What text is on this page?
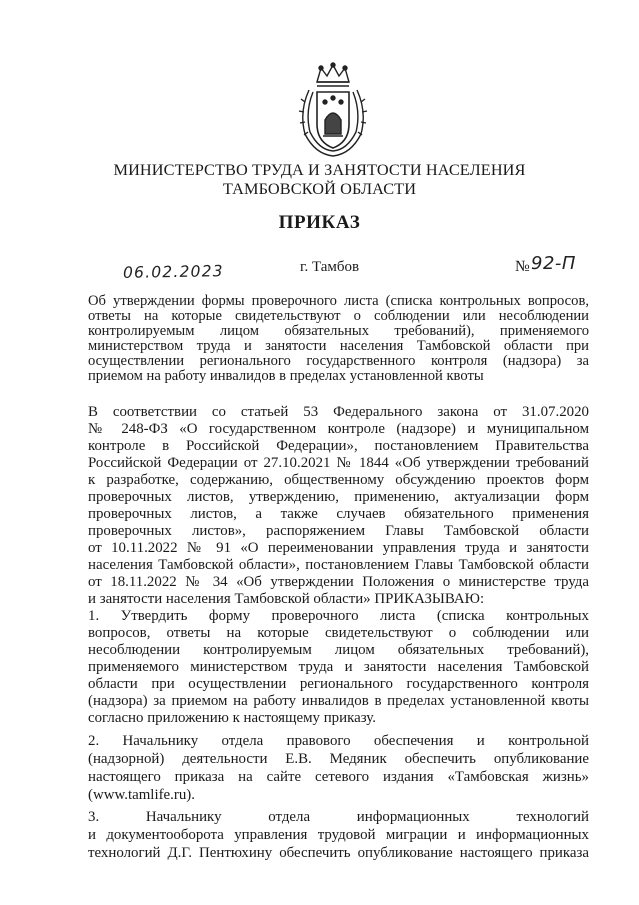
МИНИСТЕРСТВО ТРУДА И ЗАНЯТОСТИ НАСЕЛЕНИЯ
ТАМБОВСКОЙ ОБЛАСТИ
ПРИКАЗ
06.02.2023	г. Тамбов	№ 92-П
Об утверждении формы проверочного листа (списка контрольных вопросов,
ответы на которые свидетельствуют о соблюдении или несоблюдении
контролируемым лицом обязательных требований), применяемого
министерством труда и занятости населения Тамбовской области при
осуществлении регионального государственного контроля (надзора) за
приемом на работу инвалидов в пределах установленной квоты
В соответствии со статьей 53 Федерального закона от 31.07.2020
№ 248-ФЗ «О государственном контроле (надзоре) и муниципальном
контроле в Российской Федерации», постановлением Правительства
Российской Федерации от 27.10.2021 № 1844 «Об утверждении требований
к разработке, содержанию, общественному обсуждению проектов форм
проверочных листов, утверждению, применению, актуализации форм
проверочных листов, а также случаев обязательного применения
проверочных листов», распоряжением Главы Тамбовской области
от 10.11.2022 № 91 «О переименовании управления труда и занятости
населения Тамбовской области», постановлением Главы Тамбовской области
от 18.11.2022 № 34 «Об утверждении Положения о министерстве труда
и занятости населения Тамбовской области» ПРИКАЗЫВАЮ:
1. Утвердить форму проверочного листа (списка контрольных
вопросов, ответы на которые свидетельствуют о соблюдении или
несоблюдении контролируемым лицом обязательных требований),
применяемого министерством труда и занятости населения Тамбовской
области при осуществлении регионального государственного контроля
(надзора) за приемом на работу инвалидов в пределах установленной квоты
согласно приложению к настоящему приказу.
2. Начальнику отдела правового обеспечения и контрольной
(надзорной) деятельности Е.В. Медяник обеспечить опубликование
настоящего приказа на сайте сетевого издания «Тамбовская жизнь»
(www.tamlife.ru).
3. Начальнику отдела информационных технологий
и документооборота управления трудовой миграции и информационных
технологий Д.Г. Пентюхину обеспечить опубликование настоящего приказа
